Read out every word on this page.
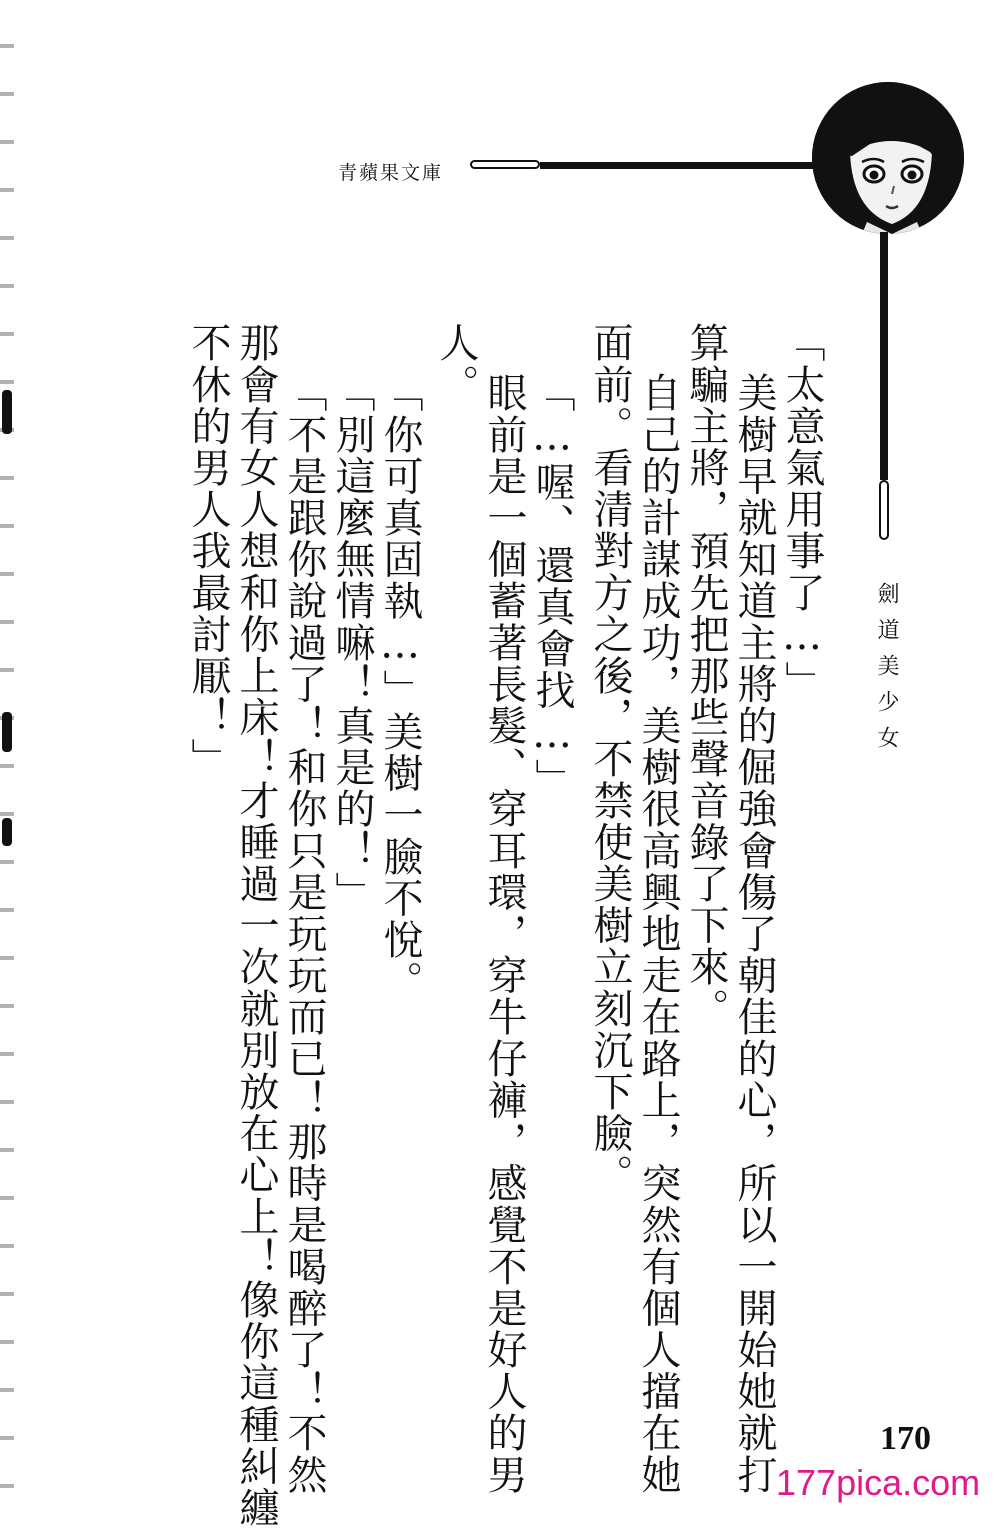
青蘋果文庫
劍道美少女
「太意氣用事了…」
美樹早就知道主將的倔強會傷了朝佳的心，所以一開始她就打
算騙主將，預先把那些聲音錄了下來。
自己的計謀成功，美樹很高興地走在路上，突然有個人擋在她
面前。看清對方之後，不禁使美樹立刻沉下臉。
「…喔、還真會找…」
眼前是一個蓄著長髮、穿耳環，穿牛仔褲，感覺不是好人的男
人。
「你可真固執…」美樹一臉不悅。
「別這麼無情嘛！真是的！」
「不是跟你說過了！和你只是玩玩而已！那時是喝醉了！不然
那會有女人想和你上床！才睡過一次就別放在心上！像你這種糾纏
不休的男人我最討厭！」
170
177pica.com
